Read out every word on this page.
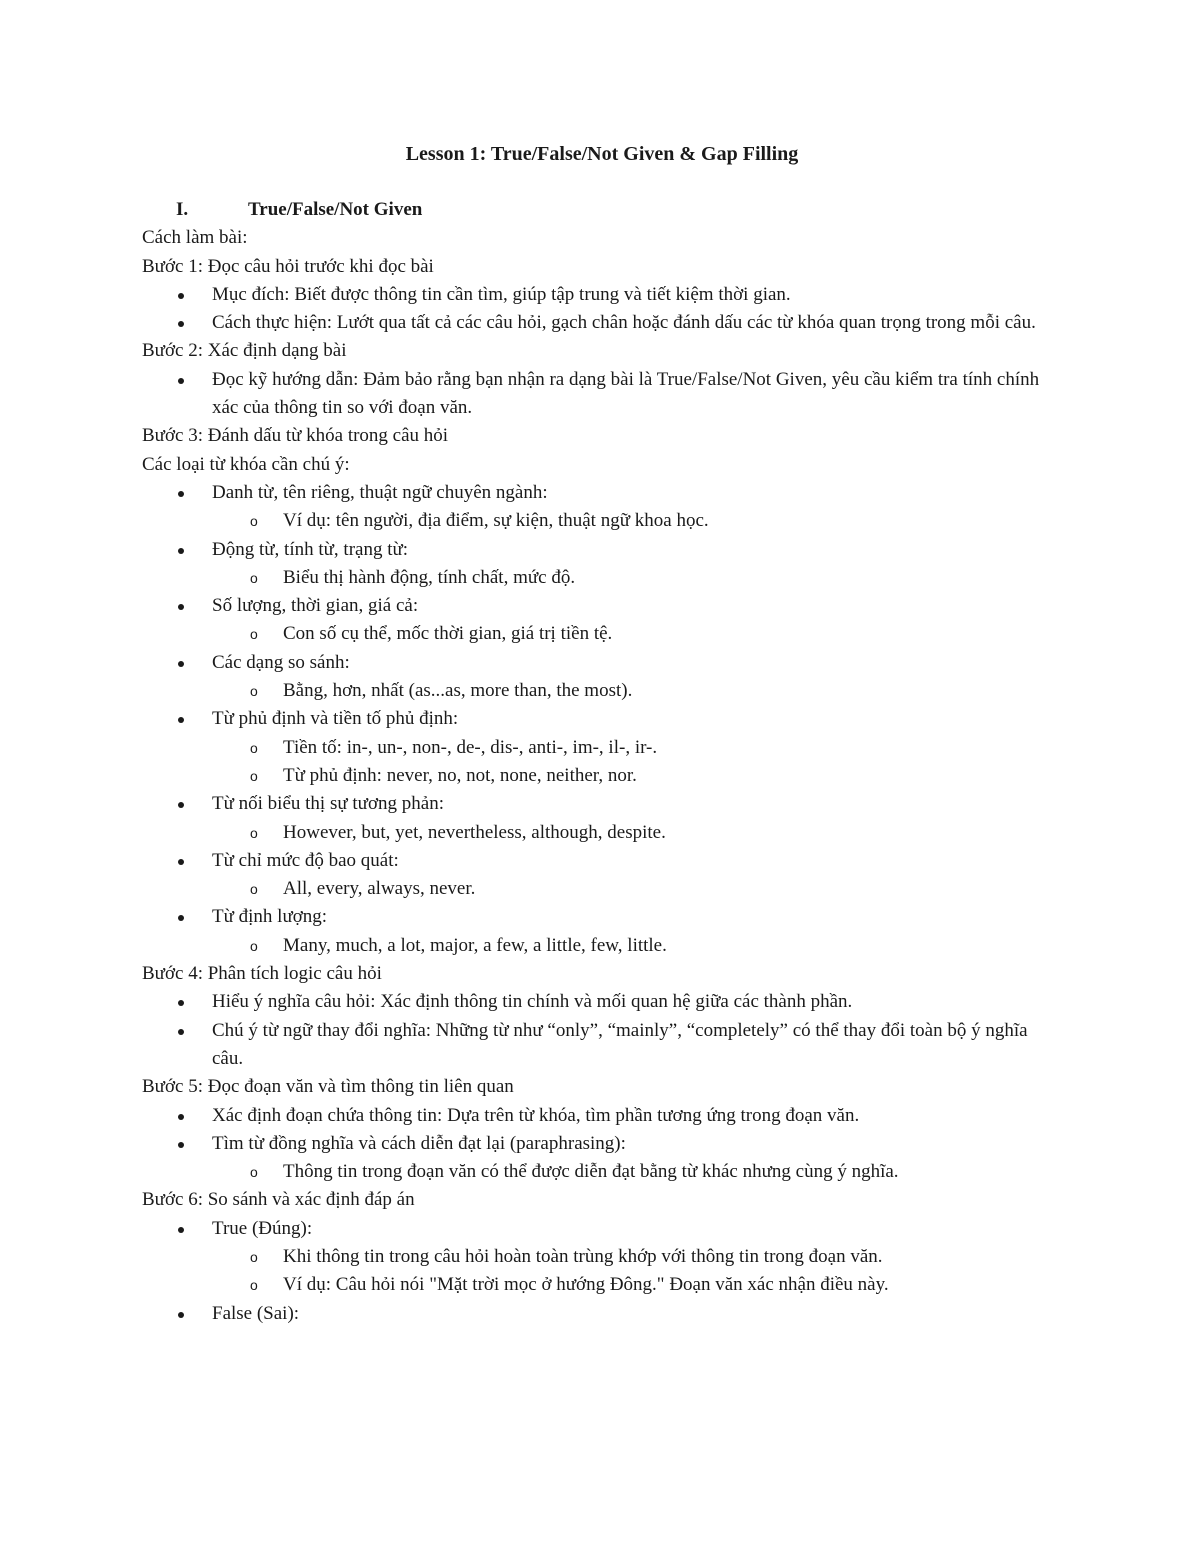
Lesson 1: True/False/Not Given & Gap Filling
I.	True/False/Not Given
Cách làm bài:
Bước 1: Đọc câu hỏi trước khi đọc bài
Mục đích: Biết được thông tin cần tìm, giúp tập trung và tiết kiệm thời gian.
Cách thực hiện: Lướt qua tất cả các câu hỏi, gạch chân hoặc đánh dấu các từ khóa quan trọng trong mỗi câu.
Bước 2: Xác định dạng bài
Đọc kỹ hướng dẫn: Đảm bảo rằng bạn nhận ra dạng bài là True/False/Not Given, yêu cầu kiểm tra tính chính xác của thông tin so với đoạn văn.
Bước 3: Đánh dấu từ khóa trong câu hỏi
Các loại từ khóa cần chú ý:
Danh từ, tên riêng, thuật ngữ chuyên ngành:
o Ví dụ: tên người, địa điểm, sự kiện, thuật ngữ khoa học.
Động từ, tính từ, trạng từ:
o Biểu thị hành động, tính chất, mức độ.
Số lượng, thời gian, giá cả:
o Con số cụ thể, mốc thời gian, giá trị tiền tệ.
Các dạng so sánh:
o Bằng, hơn, nhất (as...as, more than, the most).
Từ phủ định và tiền tố phủ định:
o Tiền tố: in-, un-, non-, de-, dis-, anti-, im-, il-, ir-.
o Từ phủ định: never, no, not, none, neither, nor.
Từ nối biểu thị sự tương phản:
o However, but, yet, nevertheless, although, despite.
Từ chỉ mức độ bao quát:
o All, every, always, never.
Từ định lượng:
o Many, much, a lot, major, a few, a little, few, little.
Bước 4: Phân tích logic câu hỏi
Hiểu ý nghĩa câu hỏi: Xác định thông tin chính và mối quan hệ giữa các thành phần.
Chú ý từ ngữ thay đổi nghĩa: Những từ như “only”, “mainly”, “completely” có thể thay đổi toàn bộ ý nghĩa câu.
Bước 5: Đọc đoạn văn và tìm thông tin liên quan
Xác định đoạn chứa thông tin: Dựa trên từ khóa, tìm phần tương ứng trong đoạn văn.
Tìm từ đồng nghĩa và cách diễn đạt lại (paraphrasing):
o Thông tin trong đoạn văn có thể được diễn đạt bằng từ khác nhưng cùng ý nghĩa.
Bước 6: So sánh và xác định đáp án
True (Đúng):
o Khi thông tin trong câu hỏi hoàn toàn trùng khớp với thông tin trong đoạn văn.
o Ví dụ: Câu hỏi nói "Mặt trời mọc ở hướng Đông." Đoạn văn xác nhận điều này.
False (Sai):
